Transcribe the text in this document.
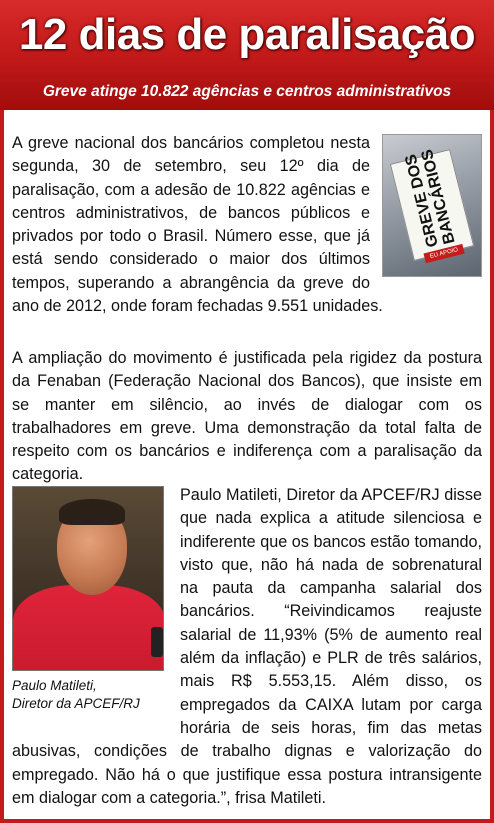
12 dias de paralisação
Greve atinge 10.822 agências e centros administrativos
GREVE DOS BANCÁRIOS
EU APOIO
A greve nacional dos bancários completou nesta segunda, 30 de setembro, seu 12º dia de paralisação, com a adesão de 10.822 agências e centros administrativos, de bancos públicos e privados por todo o Brasil. Número esse, que já está sendo considerado o maior dos últimos tempos, superando a abrangência da greve do ano de 2012, onde foram fechadas 9.551 unidades.
A ampliação do movimento é justificada pela rigidez da postura da Fenaban (Federação Nacional dos Bancos), que insiste em se manter em silêncio, ao invés de dialogar com os trabalhadores em greve. Uma demonstração da total falta de respeito com os bancários e indiferença com a paralisação da categoria.
Paulo Matileti,
Diretor da APCEF/RJ
Paulo Matileti, Diretor da APCEF/RJ disse que nada explica a atitude silenciosa e indiferente que os bancos estão tomando, visto que, não há nada de sobrenatural na pauta da campanha salarial dos bancários. “Reivindicamos reajuste salarial de 11,93% (5% de aumento real além da inflação) e PLR de três salários, mais R$ 5.553,15. Além disso, os empregados da CAIXA lutam por carga horária de seis horas, fim das metas abusivas, condições de trabalho dignas e valorização do empregado. Não há o que justifique essa postura intransigente em dialogar com a categoria.”, frisa Matileti.
